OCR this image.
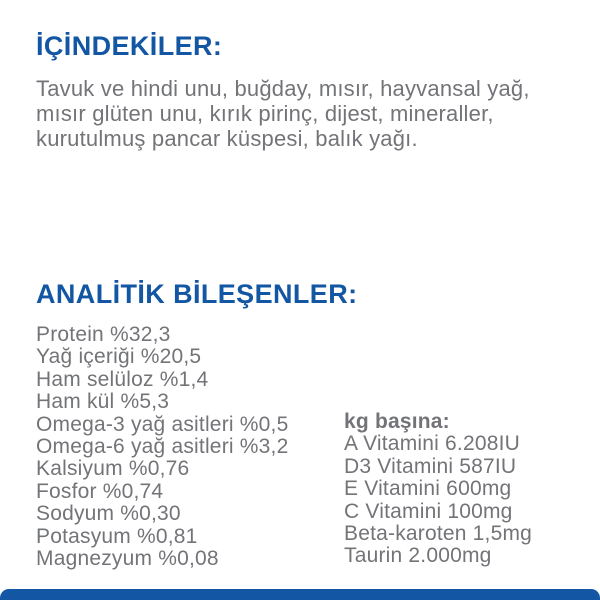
İÇİNDEKİLER:
Tavuk ve hindi unu, buğday, mısır, hayvansal yağ,
mısır glüten unu, kırık pirinç, dijest, mineraller,
kurutulmuş pancar küspesi, balık yağı.
ANALİTİK BİLEŞENLER:
Protein %32,3
Yağ içeriği %20,5
Ham selüloz %1,4
Ham kül %5,3
Omega-3 yağ asitleri %0,5
Omega-6 yağ asitleri %3,2
Kalsiyum %0,76
Fosfor %0,74
Sodyum %0,30
Potasyum %0,81
Magnezyum %0,08
kg başına:
A Vitamini 6.208IU
D3 Vitamini 587IU
E Vitamini 600mg
C Vitamini 100mg
Beta-karoten 1,5mg
Taurin 2.000mg
